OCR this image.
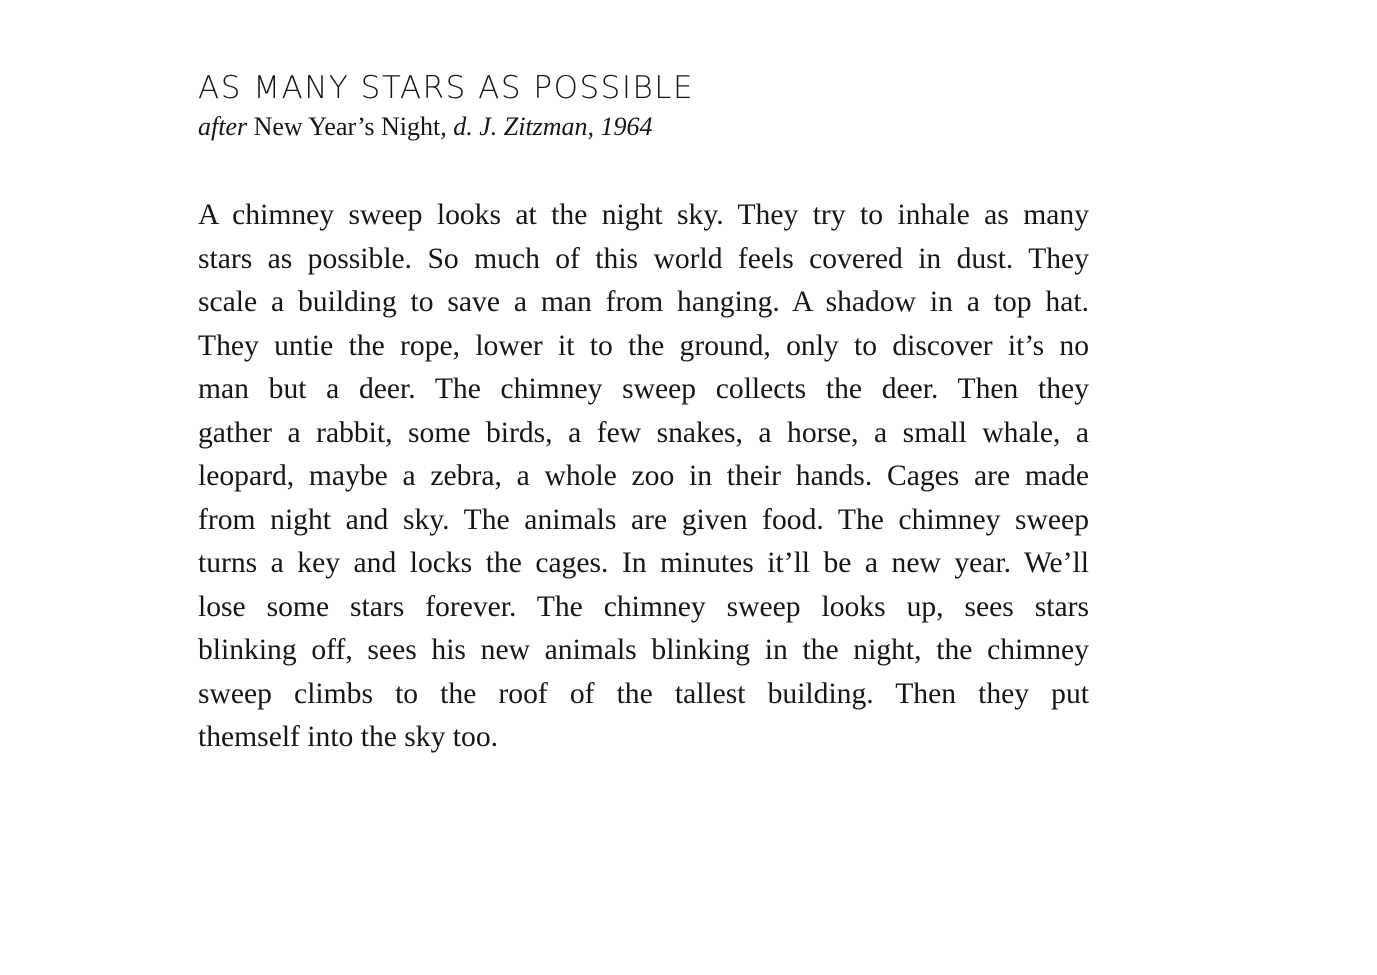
AS MANY STARS AS POSSIBLE

after New Year’s Night, d. J. Zitzman, 1964

A chimney sweep looks at the night sky. They try to inhale as many
stars as possible. So much of this world feels covered in dust. They
scale a building to save a man from hanging. A shadow in a top hat.
They untie the rope, lower it to the ground, only to discover it’s no
man but a deer. The chimney sweep collects the deer. Then they
gather a rabbit, some birds, a few snakes, a horse, a small whale, a
leopard, maybe a zebra, a whole zoo in their hands. Cages are made
from night and sky. The animals are given food. The chimney sweep
turns a key and locks the cages. In minutes it’ll be a new year. We’ll
lose some stars forever. The chimney sweep looks up, sees stars
blinking off, sees his new animals blinking in the night, the chimney
sweep climbs to the roof of the tallest building. Then they put
themself into the sky too.
